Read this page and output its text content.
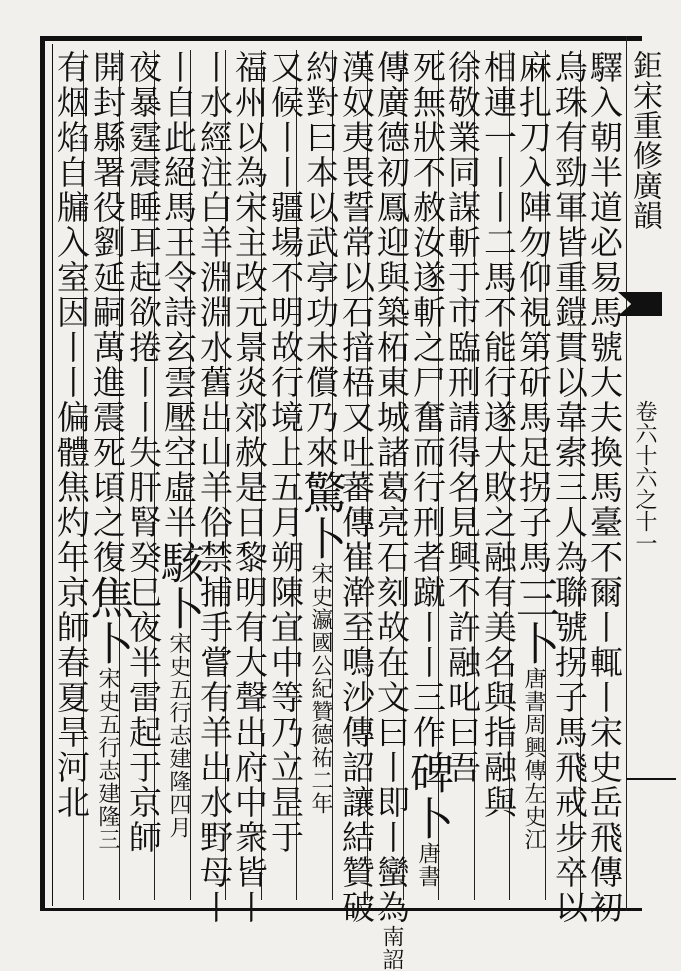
鉅宋重修廣韻
卷六十六之十一
驛入朝半道必易馬號大夫換馬臺不爾丨輒丨宋史岳飛傳初
烏珠有勁軍皆重鎧貫以韋索三人為聯號拐子馬飛戒步卒以
麻扎刀入陣勿仰視第斫馬足拐子馬三卜唐書周興傳左史江
相連一丨丨二馬不能行遂大敗之融有美名與指融與
徐敬業同謀斬于市臨刑請得名見興不許融叱曰吾
死無狀不赦汝遂斬之尸奮而行刑者蹴丨丨三作碑卜唐書
傳廣德初鳳迎與築柘東城諸葛亮石刻故在文曰丨即丨蠻為南詔
漢奴夷畏誓常以石揞梧又吐蕃傳崔澣至鳴沙傳詔讓結贊破
約對曰本以武亭功未償乃來驚卜宋史瀛國公紀贊德祐二年
又候丨丨疆場不明故行境上五月朔陳宜中等乃立昰于
福州以為宋主改元景炎郊赦是日黎明有大聲出府中衆皆丨
丨水經注白羊淵淵水舊出山羊俗禁捕手嘗有羊出水野母丨
丨自此絕馬王令詩玄雲壓空虛半駭卜宋史五行志建隆四月
夜暴霆震睡耳起欲捲丨丨失肝腎癸巳夜半雷起于京師
開封縣署役劉延嗣萬進震死頃之復焦卜宋史五行志建隆三
有烟焰自牖入室因丨丨偏體焦灼年京師春夏旱河北
